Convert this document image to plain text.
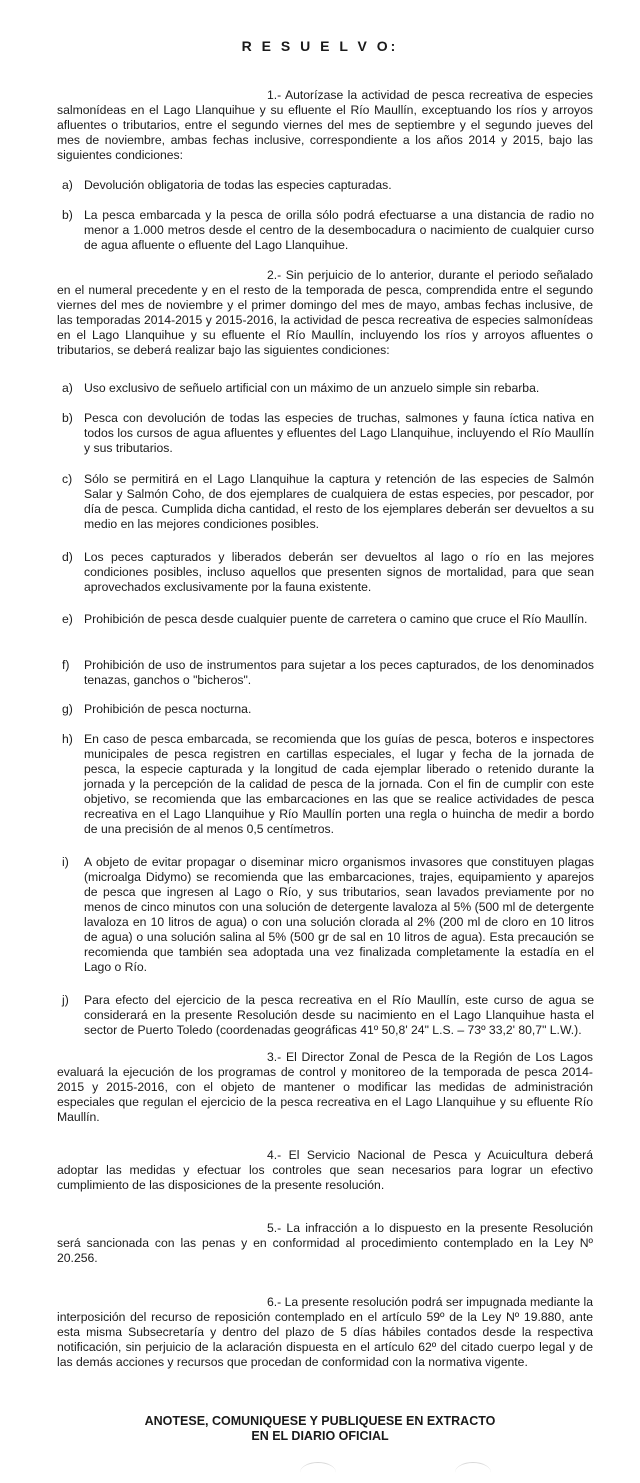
R E S U E L V O:
1.- Autorízase la actividad de pesca recreativa de especies salmonídeas en el Lago Llanquihue y su efluente el Río Maullín, exceptuando los ríos y arroyos afluentes o tributarios, entre el segundo viernes del mes de septiembre y el segundo jueves del mes de noviembre, ambas fechas inclusive, correspondiente a los años 2014 y 2015, bajo las siguientes condiciones:
a) Devolución obligatoria de todas las especies capturadas.
b) La pesca embarcada y la pesca de orilla sólo podrá efectuarse a una distancia de radio no menor a 1.000 metros desde el centro de la desembocadura o nacimiento de cualquier curso de agua afluente o efluente del Lago Llanquihue.
2.- Sin perjuicio de lo anterior, durante el periodo señalado en el numeral precedente y en el resto de la temporada de pesca, comprendida entre el segundo viernes del mes de noviembre y el primer domingo del mes de mayo, ambas fechas inclusive, de las temporadas 2014-2015 y 2015-2016, la actividad de pesca recreativa de especies salmonídeas en el Lago Llanquihue y su efluente el Río Maullín, incluyendo los ríos y arroyos afluentes o tributarios, se deberá realizar bajo las siguientes condiciones:
a) Uso exclusivo de señuelo artificial con un máximo de un anzuelo simple sin rebarba.
b) Pesca con devolución de todas las especies de truchas, salmones y fauna íctica nativa en todos los cursos de agua afluentes y efluentes del Lago Llanquihue, incluyendo el Río Maullín y sus tributarios.
c) Sólo se permitirá en el Lago Llanquihue la captura y retención de las especies de Salmón Salar y Salmón Coho, de dos ejemplares de cualquiera de estas especies, por pescador, por día de pesca. Cumplida dicha cantidad, el resto de los ejemplares deberán ser devueltos a su medio en las mejores condiciones posibles.
d) Los peces capturados y liberados deberán ser devueltos al lago o río en las mejores condiciones posibles, incluso aquellos que presenten signos de mortalidad, para que sean aprovechados exclusivamente por la fauna existente.
e) Prohibición de pesca desde cualquier puente de carretera o camino que cruce el Río Maullín.
f)	Prohibición de uso de instrumentos para sujetar a los peces capturados, de los denominados tenazas, ganchos o "bicheros".
g) Prohibición de pesca nocturna.
h) En caso de pesca embarcada, se recomienda que los guías de pesca, boteros e inspectores municipales de pesca registren en cartillas especiales, el lugar y fecha de la jornada de pesca, la especie capturada y la longitud de cada ejemplar liberado o retenido durante la jornada y la percepción de la calidad de pesca de la jornada. Con el fin de cumplir con este objetivo, se recomienda que las embarcaciones en las que se realice actividades de pesca recreativa en el Lago Llanquihue y Río Maullín porten una regla o huincha de medir a bordo de una precisión de al menos 0,5 centímetros.
i)	A objeto de evitar propagar o diseminar micro organismos invasores que constituyen plagas (microalga Didymo) se recomienda que las embarcaciones, trajes, equipamiento y aparejos de pesca que ingresen al Lago o Río, y sus tributarios, sean lavados previamente por no menos de cinco minutos con una solución de detergente lavaloza al 5% (500 ml de detergente lavaloza en 10 litros de agua) o con una solución clorada al 2% (200 ml de cloro en 10 litros de agua) o una solución salina al 5% (500 gr de sal en 10 litros de agua). Esta precaución se recomienda que también sea adoptada una vez finalizada completamente la estadía en el Lago o Río.
j)	Para efecto del ejercicio de la pesca recreativa en el Río Maullín, este curso de agua se considerará en la presente Resolución desde su nacimiento en el Lago Llanquihue hasta el sector de Puerto Toledo (coordenadas geográficas 41º 50,8' 24" L.S. – 73º 33,2' 80,7" L.W.).
3.- El Director Zonal de Pesca de la Región de Los Lagos evaluará la ejecución de los programas de control y monitoreo de la temporada de pesca 2014-2015 y 2015-2016, con el objeto de mantener o modificar las medidas de administración especiales que regulan el ejercicio de la pesca recreativa en el Lago Llanquihue y su efluente Río Maullín.
4.- El Servicio Nacional de Pesca y Acuicultura deberá adoptar las medidas y efectuar los controles que sean necesarios para lograr un efectivo cumplimiento de las disposiciones de la presente resolución.
5.- La infracción a lo dispuesto en la presente Resolución será sancionada con las penas y en conformidad al procedimiento contemplado en la Ley Nº 20.256.
6.- La presente resolución podrá ser impugnada mediante la interposición del recurso de reposición contemplado en el artículo 59º de la Ley Nº 19.880, ante esta misma Subsecretaría y dentro del plazo de 5 días hábiles contados desde la respectiva notificación, sin perjuicio de la aclaración dispuesta en el artículo 62º del citado cuerpo legal y de las demás acciones y recursos que procedan de conformidad con la normativa vigente.
ANOTESE, COMUNIQUESE Y PUBLIQUESE EN EXTRACTO
EN EL DIARIO OFICIAL
